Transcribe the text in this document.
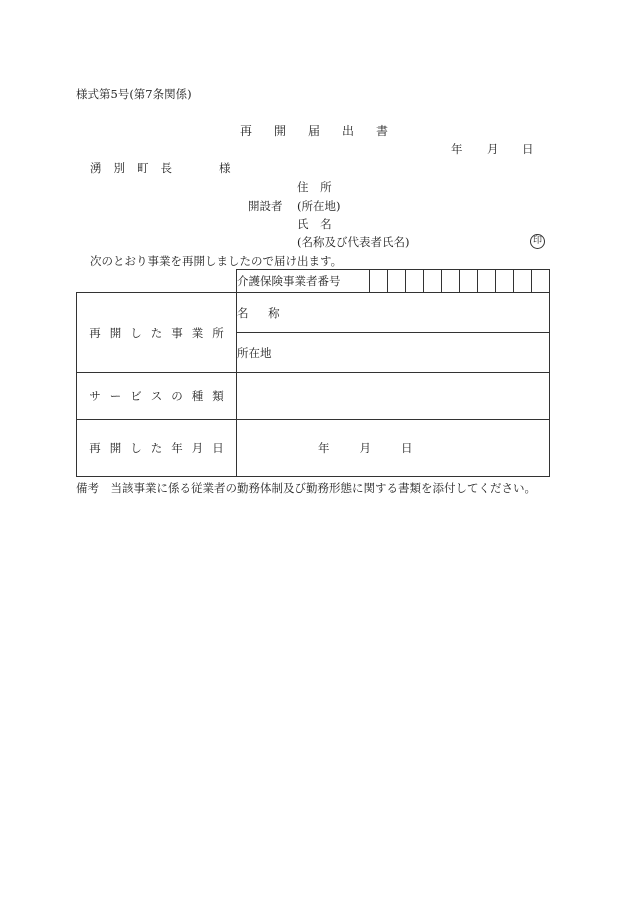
様式第5号(第7条関係)
再開届出書
年 月 日
湧別町長	様
住 所
開設者 (所在地)
氏 名
(名称及び代表者氏名)	印
次のとおり事業を再開しましたので届け出ます。
	介護保険事業者番号										
再開した事業所	名 称										
	所在地										
サービスの種類											
再開した年月日	年 月 日										
備考　当該事業に係る従業者の勤務体制及び勤務形態に関する書類を添付してください。
